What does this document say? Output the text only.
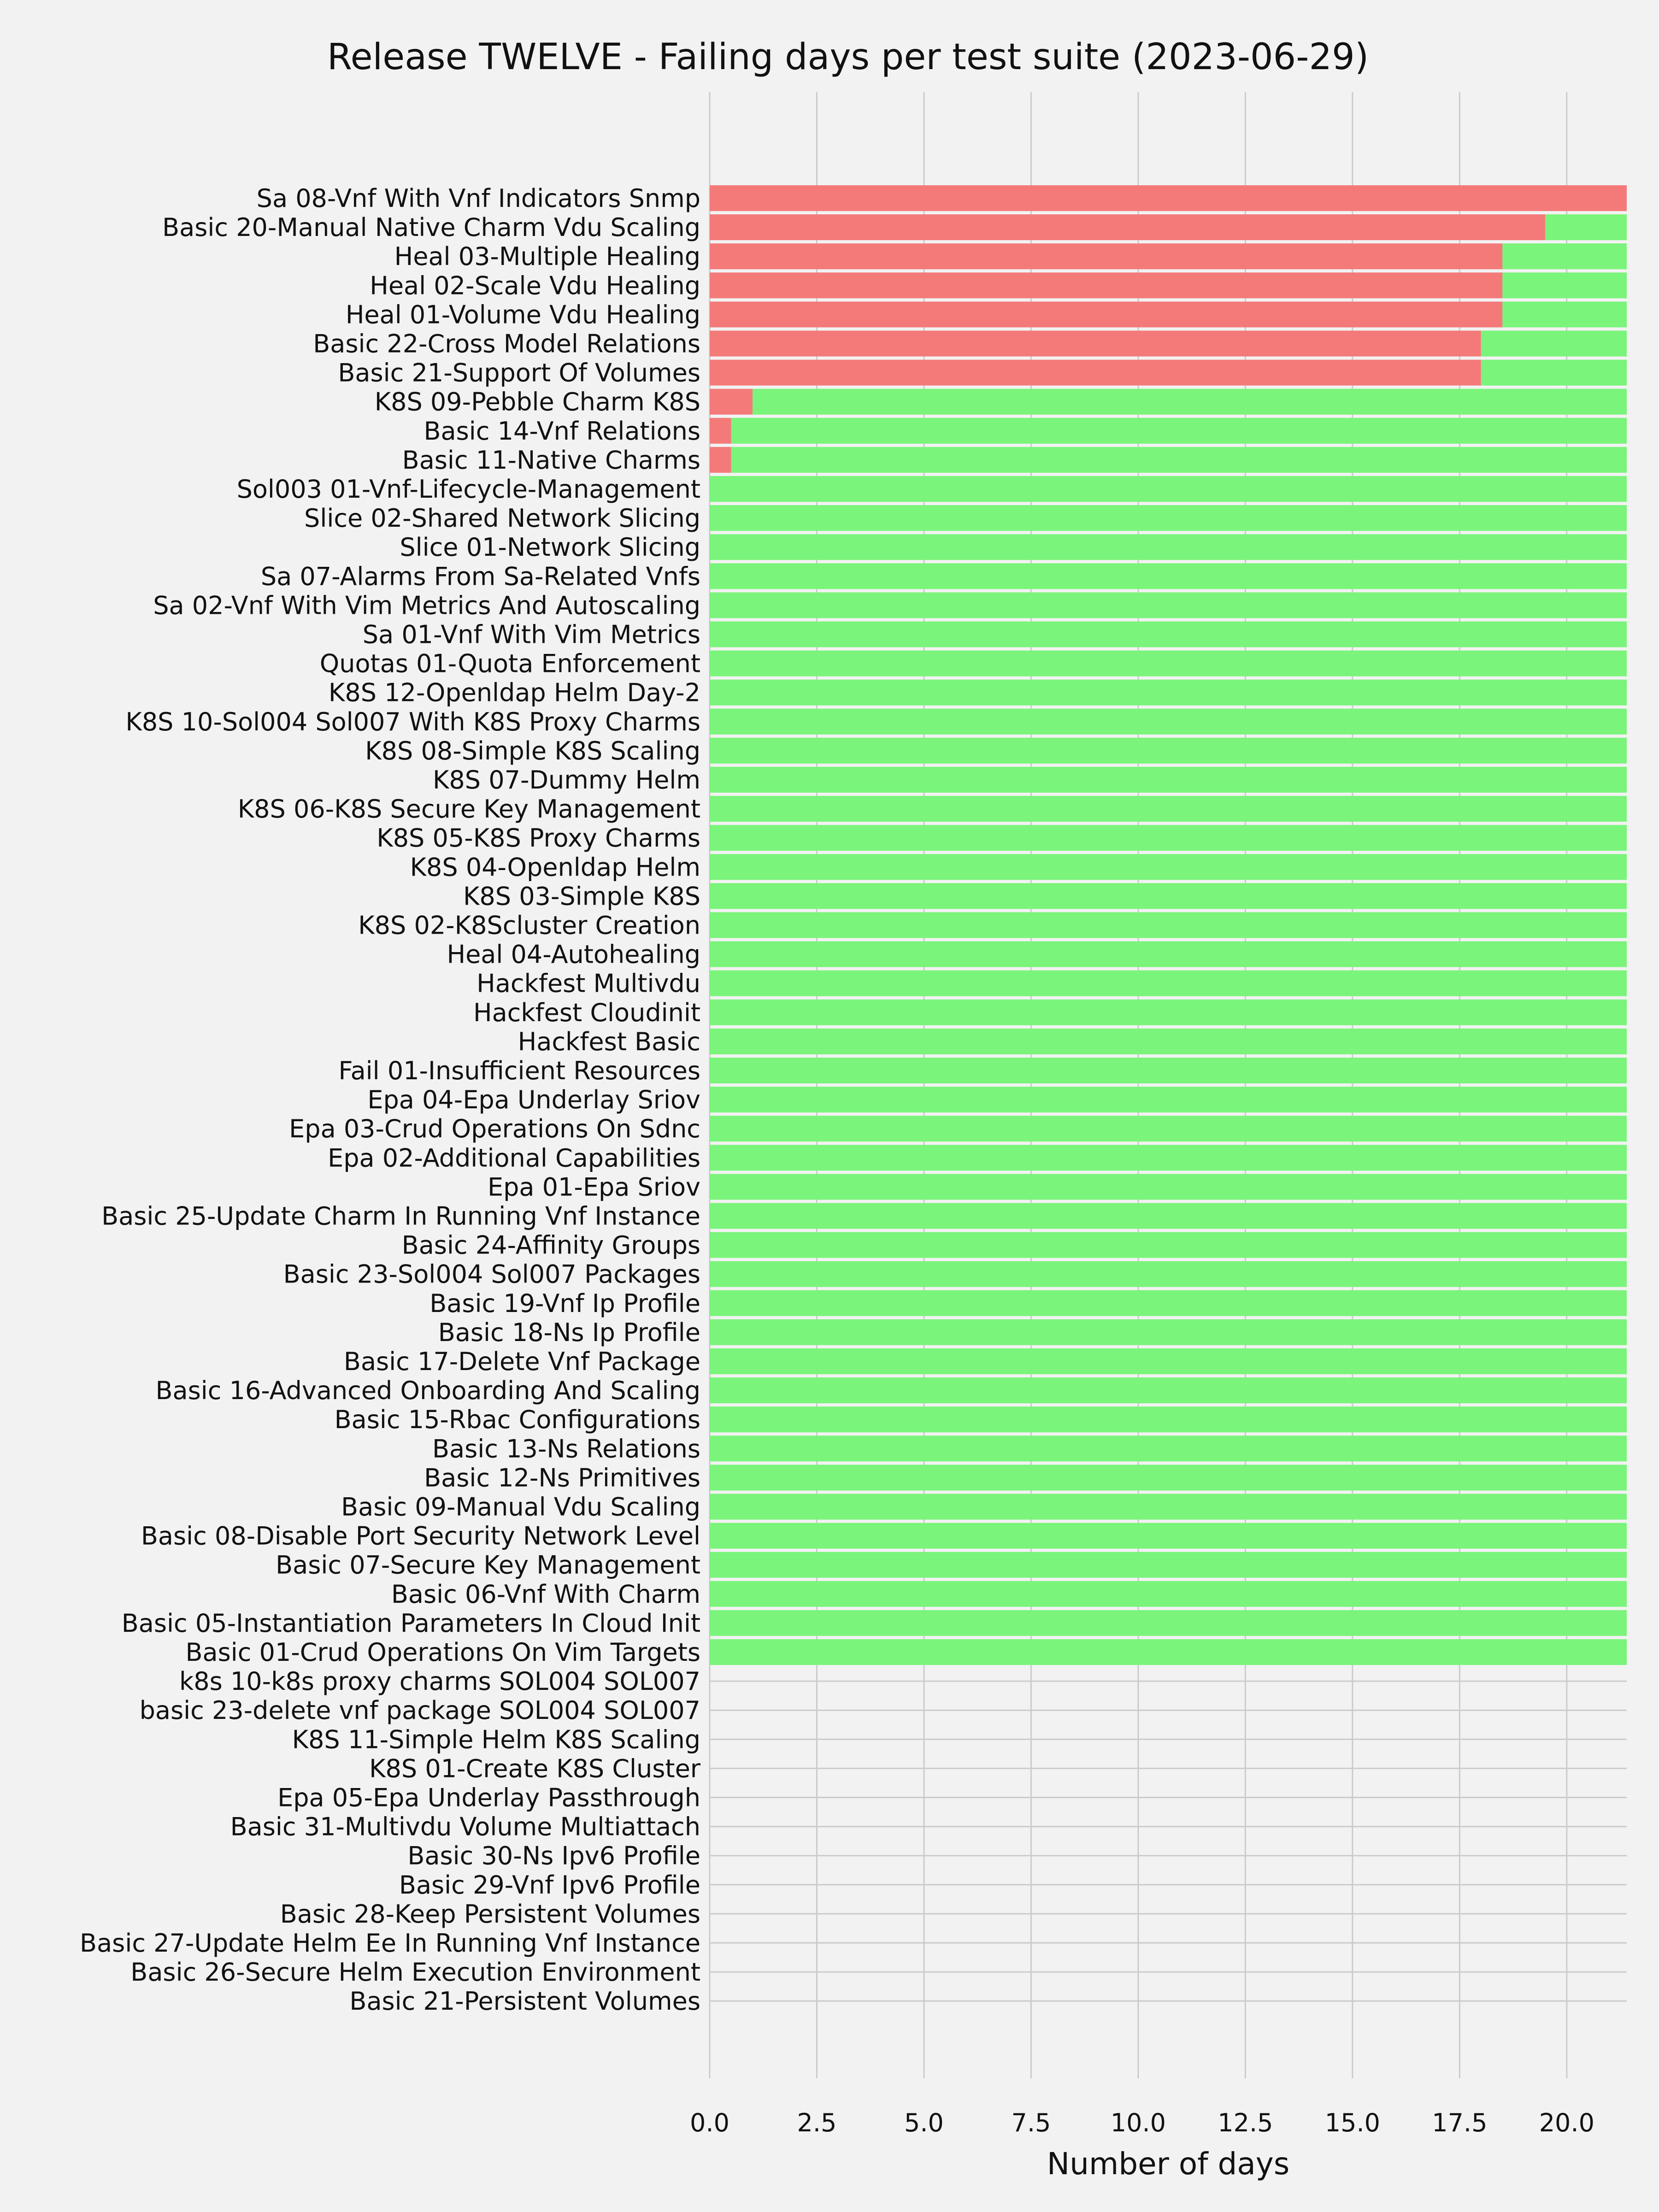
Release TWELVE - Failing days per test suite (2023-06-29)
Sa 08-Vnf With Vnf Indicators Snmp
Basic 20-Manual Native Charm Vdu Scaling
Heal 03-Multiple Healing
Heal 02-Scale Vdu Healing
Heal 01-Volume Vdu Healing
Basic 22-Cross Model Relations
Basic 21-Support Of Volumes
K8S 09-Pebble Charm K8S
Basic 14-Vnf Relations
Basic 11-Native Charms
Sol003 01-Vnf-Lifecycle-Management
Slice 02-Shared Network Slicing
Slice 01-Network Slicing
Sa 07-Alarms From Sa-Related Vnfs
Sa 02-Vnf With Vim Metrics And Autoscaling
Sa 01-Vnf With Vim Metrics
Quotas 01-Quota Enforcement
K8S 12-Openldap Helm Day-2
K8S 10-Sol004 Sol007 With K8S Proxy Charms
K8S 08-Simple K8S Scaling
K8S 07-Dummy Helm
K8S 06-K8S Secure Key Management
K8S 05-K8S Proxy Charms
K8S 04-Openldap Helm
K8S 03-Simple K8S
K8S 02-K8Scluster Creation
Heal 04-Autohealing
Hackfest Multivdu
Hackfest Cloudinit
Hackfest Basic
Fail 01-Insufficient Resources
Epa 04-Epa Underlay Sriov
Epa 03-Crud Operations On Sdnc
Epa 02-Additional Capabilities
Epa 01-Epa Sriov
Basic 25-Update Charm In Running Vnf Instance
Basic 24-Affinity Groups
Basic 23-Sol004 Sol007 Packages
Basic 19-Vnf Ip Profile
Basic 18-Ns Ip Profile
Basic 17-Delete Vnf Package
Basic 16-Advanced Onboarding And Scaling
Basic 15-Rbac Configurations
Basic 13-Ns Relations
Basic 12-Ns Primitives
Basic 09-Manual Vdu Scaling
Basic 08-Disable Port Security Network Level
Basic 07-Secure Key Management
Basic 06-Vnf With Charm
Basic 05-Instantiation Parameters In Cloud Init
Basic 01-Crud Operations On Vim Targets
k8s 10-k8s proxy charms SOL004 SOL007
basic 23-delete vnf package SOL004 SOL007
K8S 11-Simple Helm K8S Scaling
K8S 01-Create K8S Cluster
Epa 05-Epa Underlay Passthrough
Basic 31-Multivdu Volume Multiattach
Basic 30-Ns Ipv6 Profile
Basic 29-Vnf Ipv6 Profile
Basic 28-Keep Persistent Volumes
Basic 27-Update Helm Ee In Running Vnf Instance
Basic 26-Secure Helm Execution Environment
Basic 21-Persistent Volumes
0.0	2.5	5.0	7.5 10.0 12.5 15.0 17.5 20.0
Number of days
